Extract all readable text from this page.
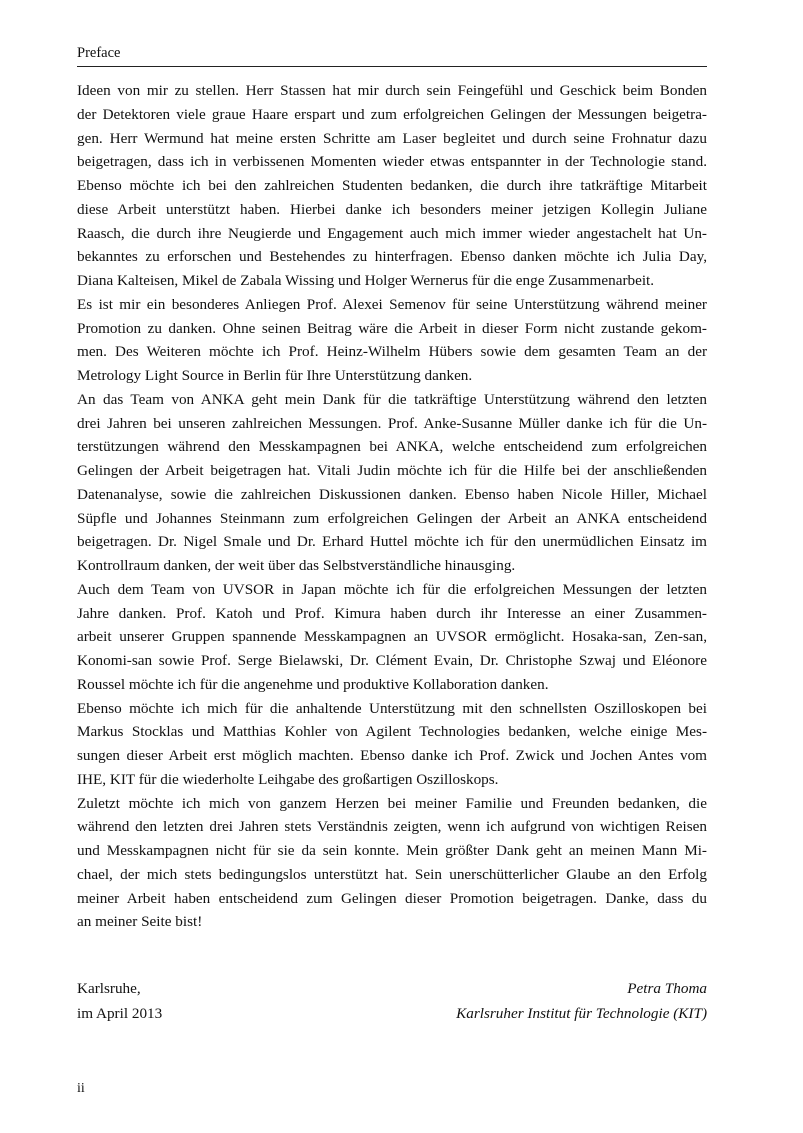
Preface
Ideen von mir zu stellen. Herr Stassen hat mir durch sein Feingefühl und Geschick beim Bonden
der Detektoren viele graue Haare erspart und zum erfolgreichen Gelingen der Messungen beigetra-
gen. Herr Wermund hat meine ersten Schritte am Laser begleitet und durch seine Frohnatur dazu
beigetragen, dass ich in verbissenen Momenten wieder etwas entspannter in der Technologie stand.
Ebenso möchte ich bei den zahlreichen Studenten bedanken, die durch ihre tatkräftige Mitarbeit
diese Arbeit unterstützt haben. Hierbei danke ich besonders meiner jetzigen Kollegin Juliane
Raasch, die durch ihre Neugierde und Engagement auch mich immer wieder angestachelt hat Un-
bekanntes zu erforschen und Bestehendes zu hinterfragen. Ebenso danken möchte ich Julia Day,
Diana Kalteisen, Mikel de Zabala Wissing und Holger Wernerus für die enge Zusammenarbeit.
Es ist mir ein besonderes Anliegen Prof. Alexei Semenov für seine Unterstützung während meiner
Promotion zu danken. Ohne seinen Beitrag wäre die Arbeit in dieser Form nicht zustande gekom-
men. Des Weiteren möchte ich Prof. Heinz-Wilhelm Hübers sowie dem gesamten Team an der
Metrology Light Source in Berlin für Ihre Unterstützung danken.
An das Team von ANKA geht mein Dank für die tatkräftige Unterstützung während den letzten
drei Jahren bei unseren zahlreichen Messungen. Prof. Anke-Susanne Müller danke ich für die Un-
terstützungen während den Messkampagnen bei ANKA, welche entscheidend zum erfolgreichen
Gelingen der Arbeit beigetragen hat. Vitali Judin möchte ich für die Hilfe bei der anschließenden
Datenanalyse, sowie die zahlreichen Diskussionen danken. Ebenso haben Nicole Hiller, Michael
Süpfle und Johannes Steinmann zum erfolgreichen Gelingen der Arbeit an ANKA entscheidend
beigetragen. Dr. Nigel Smale und Dr. Erhard Huttel möchte ich für den unermüdlichen Einsatz im
Kontrollraum danken, der weit über das Selbstverständliche hinausging.
Auch dem Team von UVSOR in Japan möchte ich für die erfolgreichen Messungen der letzten
Jahre danken. Prof. Katoh und Prof. Kimura haben durch ihr Interesse an einer Zusammen-
arbeit unserer Gruppen spannende Messkampagnen an UVSOR ermöglicht. Hosaka-san, Zen-san,
Konomi-san sowie Prof. Serge Bielawski, Dr. Clément Evain, Dr. Christophe Szwaj und Eléonore
Roussel möchte ich für die angenehme und produktive Kollaboration danken.
Ebenso möchte ich mich für die anhaltende Unterstützung mit den schnellsten Oszilloskopen bei
Markus Stocklas und Matthias Kohler von Agilent Technologies bedanken, welche einige Mes-
sungen dieser Arbeit erst möglich machten. Ebenso danke ich Prof. Zwick und Jochen Antes vom
IHE, KIT für die wiederholte Leihgabe des großartigen Oszilloskops.
Zuletzt möchte ich mich von ganzem Herzen bei meiner Familie und Freunden bedanken, die
während den letzten drei Jahren stets Verständnis zeigten, wenn ich aufgrund von wichtigen Reisen
und Messkampagnen nicht für sie da sein konnte. Mein größter Dank geht an meinen Mann Mi-
chael, der mich stets bedingungslos unterstützt hat. Sein unerschütterlicher Glaube an den Erfolg
meiner Arbeit haben entscheidend zum Gelingen dieser Promotion beigetragen. Danke, dass du
an meiner Seite bist!
Karlsruhe,	Petra Thoma
im April 2013	Karlsruher Institut für Technologie (KIT)
ii
